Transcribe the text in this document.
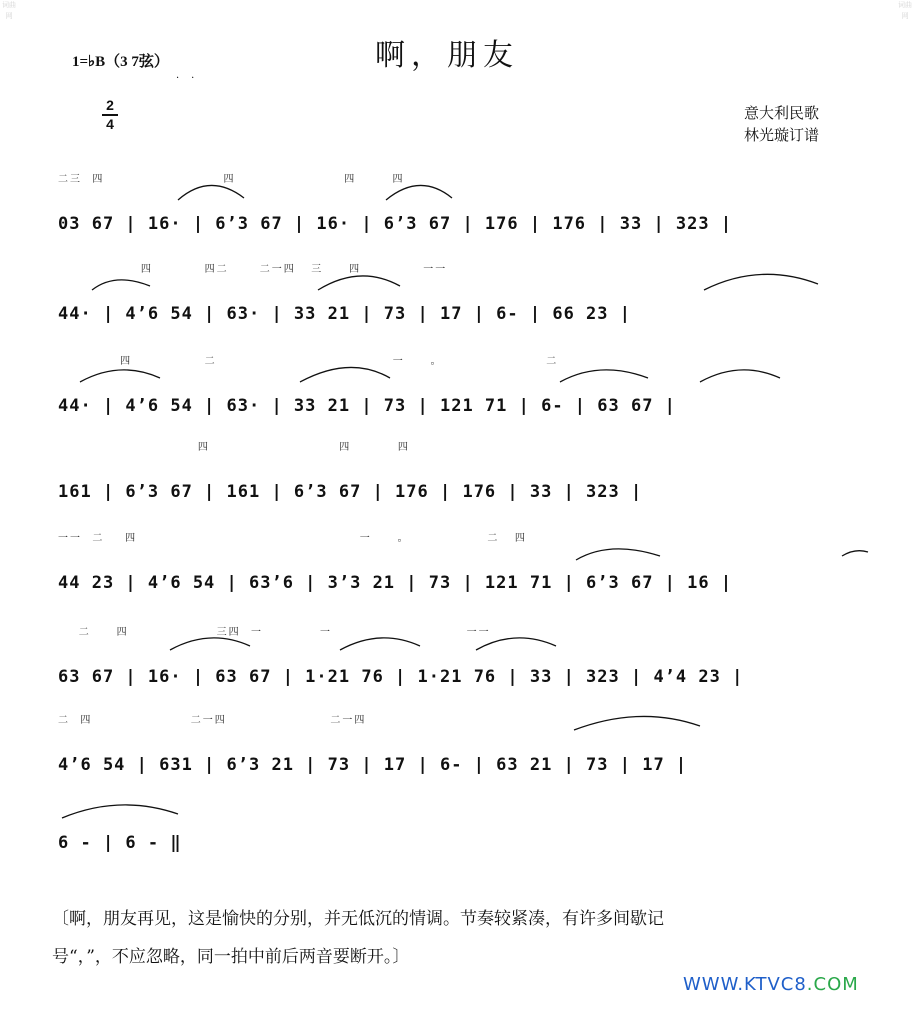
词曲网
词曲网
啊，朋友
1=♭B（3 7弦）
··
2
4
意大利民歌
林光璇订谱
二三  四                       四                     四       四
03 67 | 16· | 6’3 67 | 16· | 6’3 67 | 176 | 176 | 33 | 323 |
四          四二      二一四   三     四            一一
44· | 4’6 54 | 63· | 33 21 | 73 | 17 | 6- | 66 23 |
四              二                                  一     。                    二
44· | 4’6 54 | 63· | 33 21 | 73 | 121 71 | 6- | 63 67 |
四                         四         四
161 | 6’3 67 | 161 | 6’3 67 | 176 | 176 | 33 | 323 |
一一  二    四                                           一     。               二   四
44 23 | 4’6 54 | 63’6 | 3’3 21 | 73 | 121 71 | 6’3 67 | 16 |
二     四                 三四  一           一                          一一
63 67 | 16· | 63 67 | 1·21 76 | 1·21 76 | 33 | 323 | 4’4 23 |
二  四                   二一四                    二一四
4’6 54 | 631 | 6’3 21 | 73 | 17 | 6- | 63 21 | 73 | 17 |
6 - | 6 - ‖
〔啊，朋友再见，这是愉快的分别，并无低沉的情调。节奏较紧凑，有许多间歇记
号“，”，不应忽略，同一拍中前后两音要断开。〕
WWW.KTVC8.COM
